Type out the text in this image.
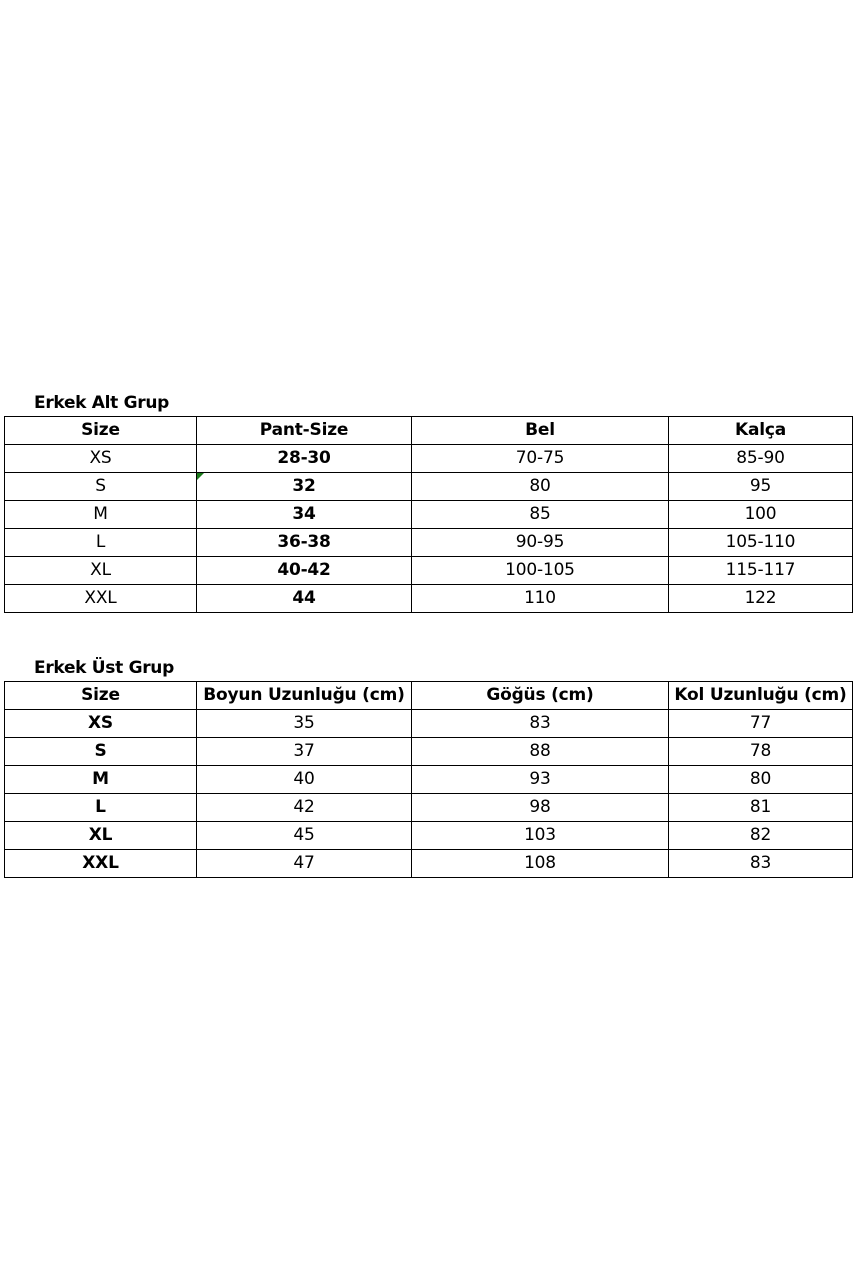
Erkek Alt Grup
Size	Pant-Size	Bel	Kalça
XS	28-30	70-75	85-90
S	32	80	95
M	34	85	100
L	36-38	90-95	105-110
XL	40-42	100-105	115-117
XXL	44	110	122
Erkek Üst Grup
Size	Boyun Uzunluğu (cm)	Göğüs (cm)	Kol Uzunluğu (cm)
XS	35	83	77
S	37	88	78
M	40	93	80
L	42	98	81
XL	45	103	82
XXL	47	108	83
